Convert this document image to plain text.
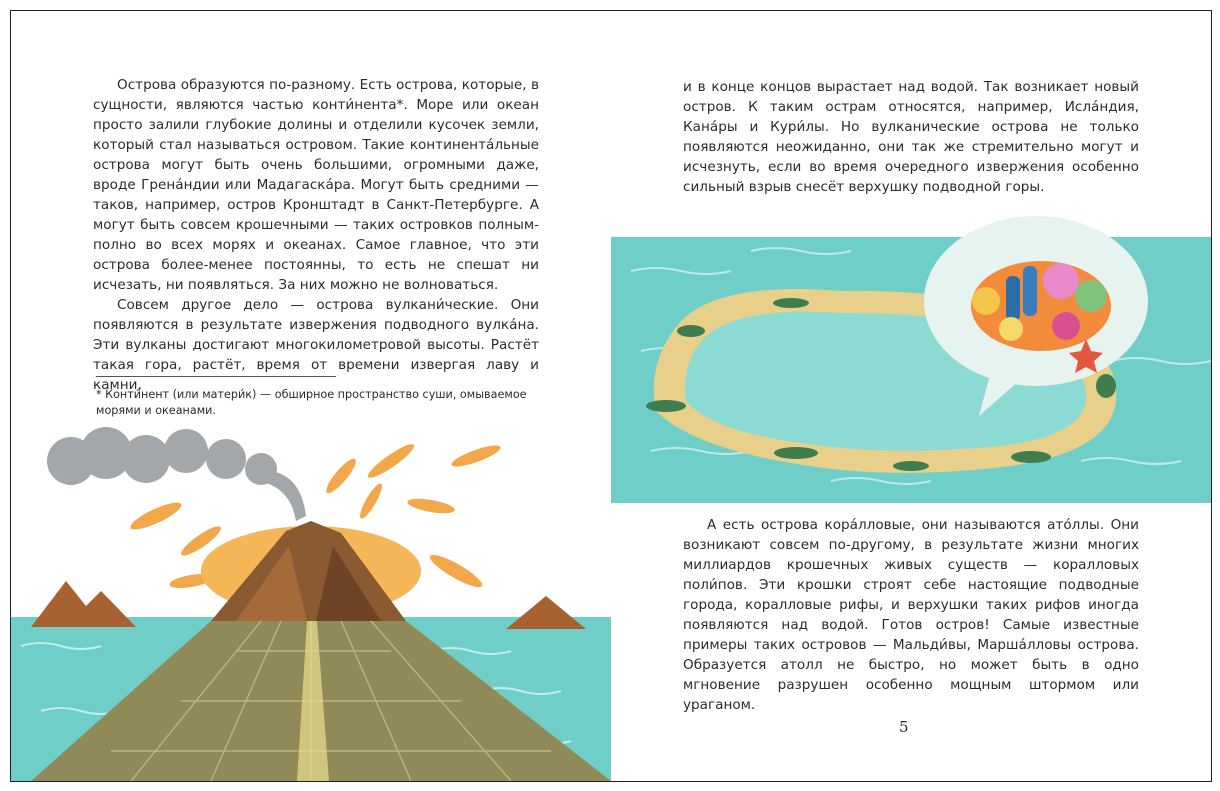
Острова образуются по-разному. Есть острова, которые, в сущности, являются частью конти́нента*. Море или океан просто залили глубокие долины и отделили кусочек земли, который стал называться островом. Такие континента́льные острова могут быть очень большими, огромными даже, вроде Грена́ндии или Мадагаска́ра. Могут быть средними — таков, например, остров Кронштадт в Санкт-Петербурге. А могут быть совсем крошечными — таких островков полным-полно во всех морях и океанах. Самое главное, что эти острова более-менее постоянны, то есть не спешат ни исчезать, ни появляться. За них можно не волноваться.

Совсем другое дело — острова вулкани́ческие. Они появляются в результате извержения подводного вулка́на. Эти вулканы достигают многокилометровой высоты. Растёт такая гора, растёт, время от времени извергая лаву и камни,

* Конти́нент (или матери́к) — обширное пространство суши, омываемое морями и океанами.

и в конце концов вырастает над водой. Так возникает новый остров. К таким острам относятся, например, Исла́ндия, Кана́ры и Кури́лы. Но вулканические острова не только появляются неожиданно, они так же стремительно могут и исчезнуть, если во время очередного извержения особенно сильный взрыв снесёт верхушку подводной горы.

А есть острова кора́лловые, они называются ато́ллы. Они возникают совсем по-другому, в результате жизни многих миллиардов крошечных живых существ — коралловых поли́пов. Эти крошки строят себе настоящие подводные города, коралловые рифы, и верхушки таких рифов иногда появляются над водой. Готов остров! Самые известные примеры таких островов — Мальди́вы, Марша́лловы острова. Образуется атолл не быстро, но может быть в одно мгновение разрушен особенно мощным штормом или ураганом.

5
